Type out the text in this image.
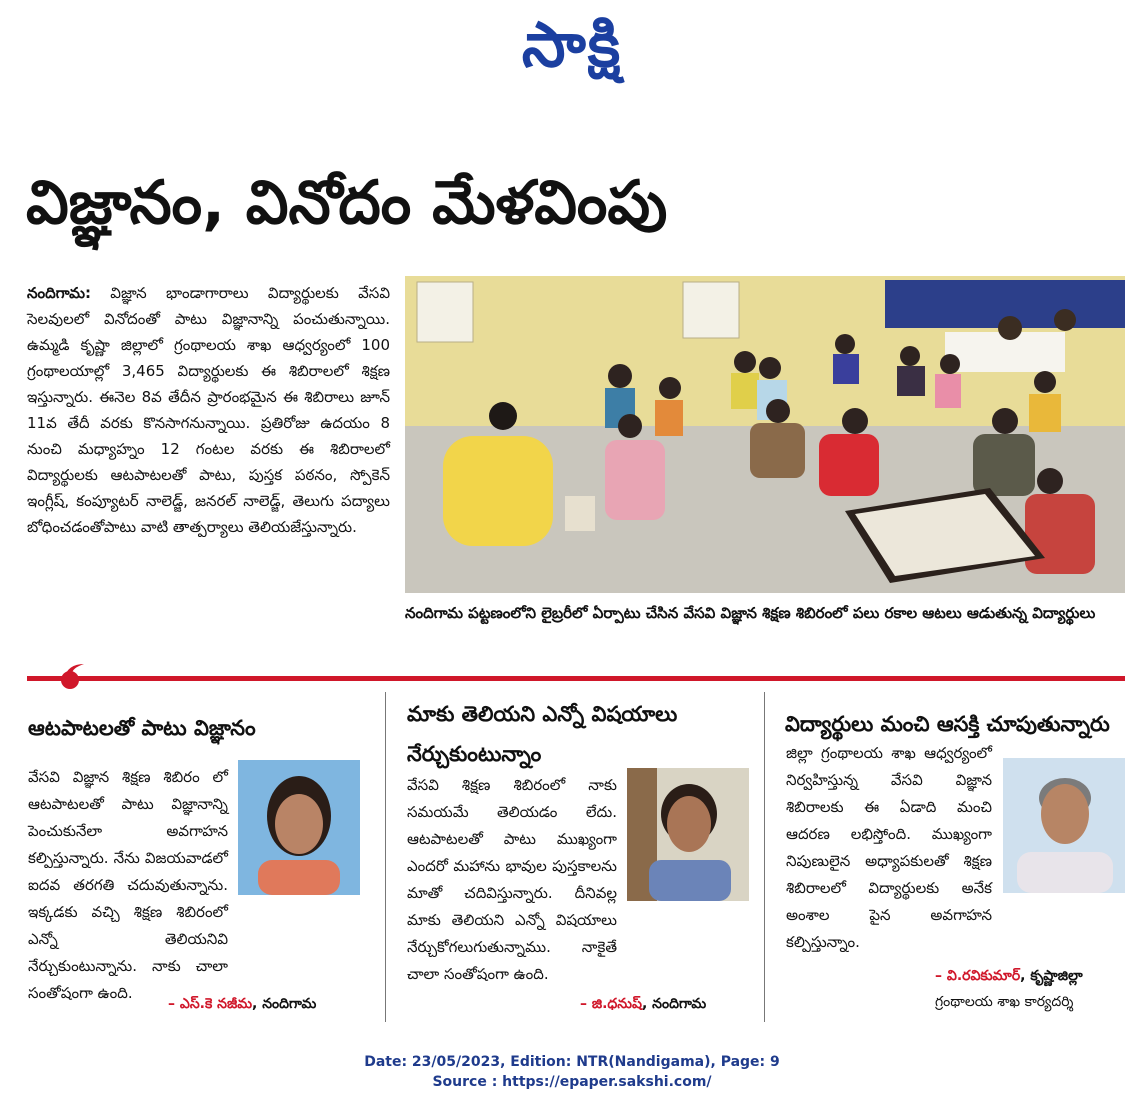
సాక్షి
విజ్ఞానం, వినోదం మేళవింపు

నందిగామ: విజ్ఞాన భాండాగారాలు విద్యార్థులకు వేసవి సెలవులలో వినోదంతో పాటు విజ్ఞానాన్ని పంచుతున్నాయి. ఉమ్మడి కృష్ణా జిల్లాలో గ్రంథాలయ శాఖ ఆధ్వర్యంలో 100 గ్రంథాలయాల్లో 3,465 విద్యార్థులకు ఈ శిబిరాలలో శిక్షణ ఇస్తున్నారు. ఈనెల 8వ తేదీన ప్రారంభమైన ఈ శిబిరాలు జూన్ 11వ తేదీ వరకు కొనసాగనున్నాయి. ప్రతిరోజు ఉదయం 8 నుంచి మధ్యాహ్నం 12 గంటల వరకు ఈ శిబిరాలలో విద్యార్థులకు ఆటపాటలతో పాటు, పుస్తక పఠనం, స్పోకెన్ ఇంగ్లీష్, కంప్యూటర్ నాలెడ్జ్, జనరల్ నాలెడ్జ్, తెలుగు పద్యాలు బోధించడంతోపాటు వాటి తాత్పర్యాలు తెలియజేస్తున్నారు.

నందిగామ పట్టణంలోని లైబ్రరీలో ఏర్పాటు చేసిన వేసవి విజ్ఞాన శిక్షణ శిబిరంలో పలు రకాల ఆటలు ఆడుతున్న విద్యార్థులు
ఆటపాటలతో పాటు విజ్ఞానం
వేసవి విజ్ఞాన శిక్షణ శిబిరం లో ఆటపాటలతో పాటు విజ్ఞానాన్ని పెంచుకునేలా అవగాహన కల్పిస్తున్నారు. నేను విజయవాడలో ఐదవ తరగతి చదువుతున్నాను. ఇక్కడకు వచ్చి శిక్షణ శిబిరంలో ఎన్నో తెలియనివి నేర్చుకుంటున్నాను. నాకు చాలా సంతోషంగా ఉంది.
– ఎస్.కె నజీమ, నందిగామ
మాకు తెలియని ఎన్నో విషయాలు నేర్చుకుంటున్నాం
వేసవి శిక్షణ శిబిరంలో నాకు సమయమే తెలియడం లేదు. ఆటపాటలతో పాటు ముఖ్యంగా ఎందరో మహాను భావుల పుస్తకాలను మాతో చదివిస్తున్నారు. దీనివల్ల మాకు తెలియని ఎన్నో విషయాలు నేర్చుకోగలుగుతున్నాము. నాకైతే చాలా సంతోషంగా ఉంది.
– జి.ధనుష్, నందిగామ
విద్యార్థులు మంచి ఆసక్తి చూపుతున్నారు
జిల్లా గ్రంథాలయ శాఖ ఆధ్వర్యంలో నిర్వహిస్తున్న వేసవి విజ్ఞాన శిబిరాలకు ఈ ఏడాది మంచి ఆదరణ లభిస్తోంది. ముఖ్యంగా నిపుణులైన అధ్యాపకులతో శిక్షణ శిబిరాలలో విద్యార్థులకు అనేక అంశాల పైన అవగాహన కల్పిస్తున్నాం.
– వి.రవికుమార్, కృష్ణాజిల్లా
గ్రంథాలయ శాఖ కార్యదర్శి
Date: 23/05/2023, Edition: NTR(Nandigama), Page: 9
Source : https://epaper.sakshi.com/
